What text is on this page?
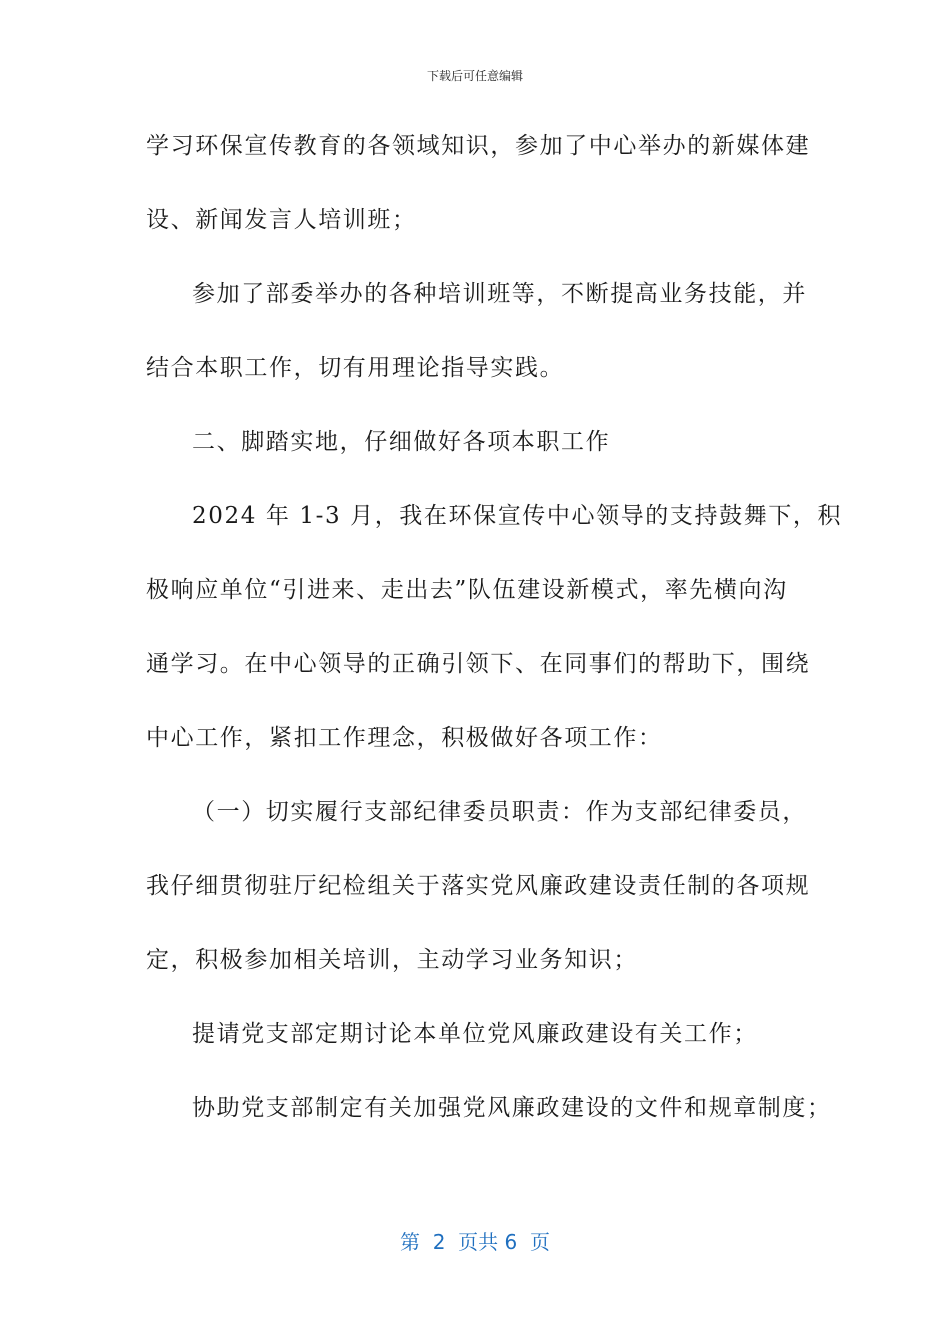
下载后可任意编辑
学习环保宣传教育的各领域知识，参加了中心举办的新媒体建
设、新闻发言人培训班；
参加了部委举办的各种培训班等，不断提高业务技能，并
结合本职工作，切有用理论指导实践。
二、脚踏实地，仔细做好各项本职工作
2024 年 1-3 月，我在环保宣传中心领导的支持鼓舞下，积
极响应单位“引进来、走出去”队伍建设新模式，率先横向沟
通学习。在中心领导的正确引领下、在同事们的帮助下，围绕
中心工作，紧扣工作理念，积极做好各项工作：
（一）切实履行支部纪律委员职责：作为支部纪律委员，
我仔细贯彻驻厅纪检组关于落实党风廉政建设责任制的各项规
定，积极参加相关培训，主动学习业务知识；
提请党支部定期讨论本单位党风廉政建设有关工作；
协助党支部制定有关加强党风廉政建设的文件和规章制度；
第  2  页共 6  页
